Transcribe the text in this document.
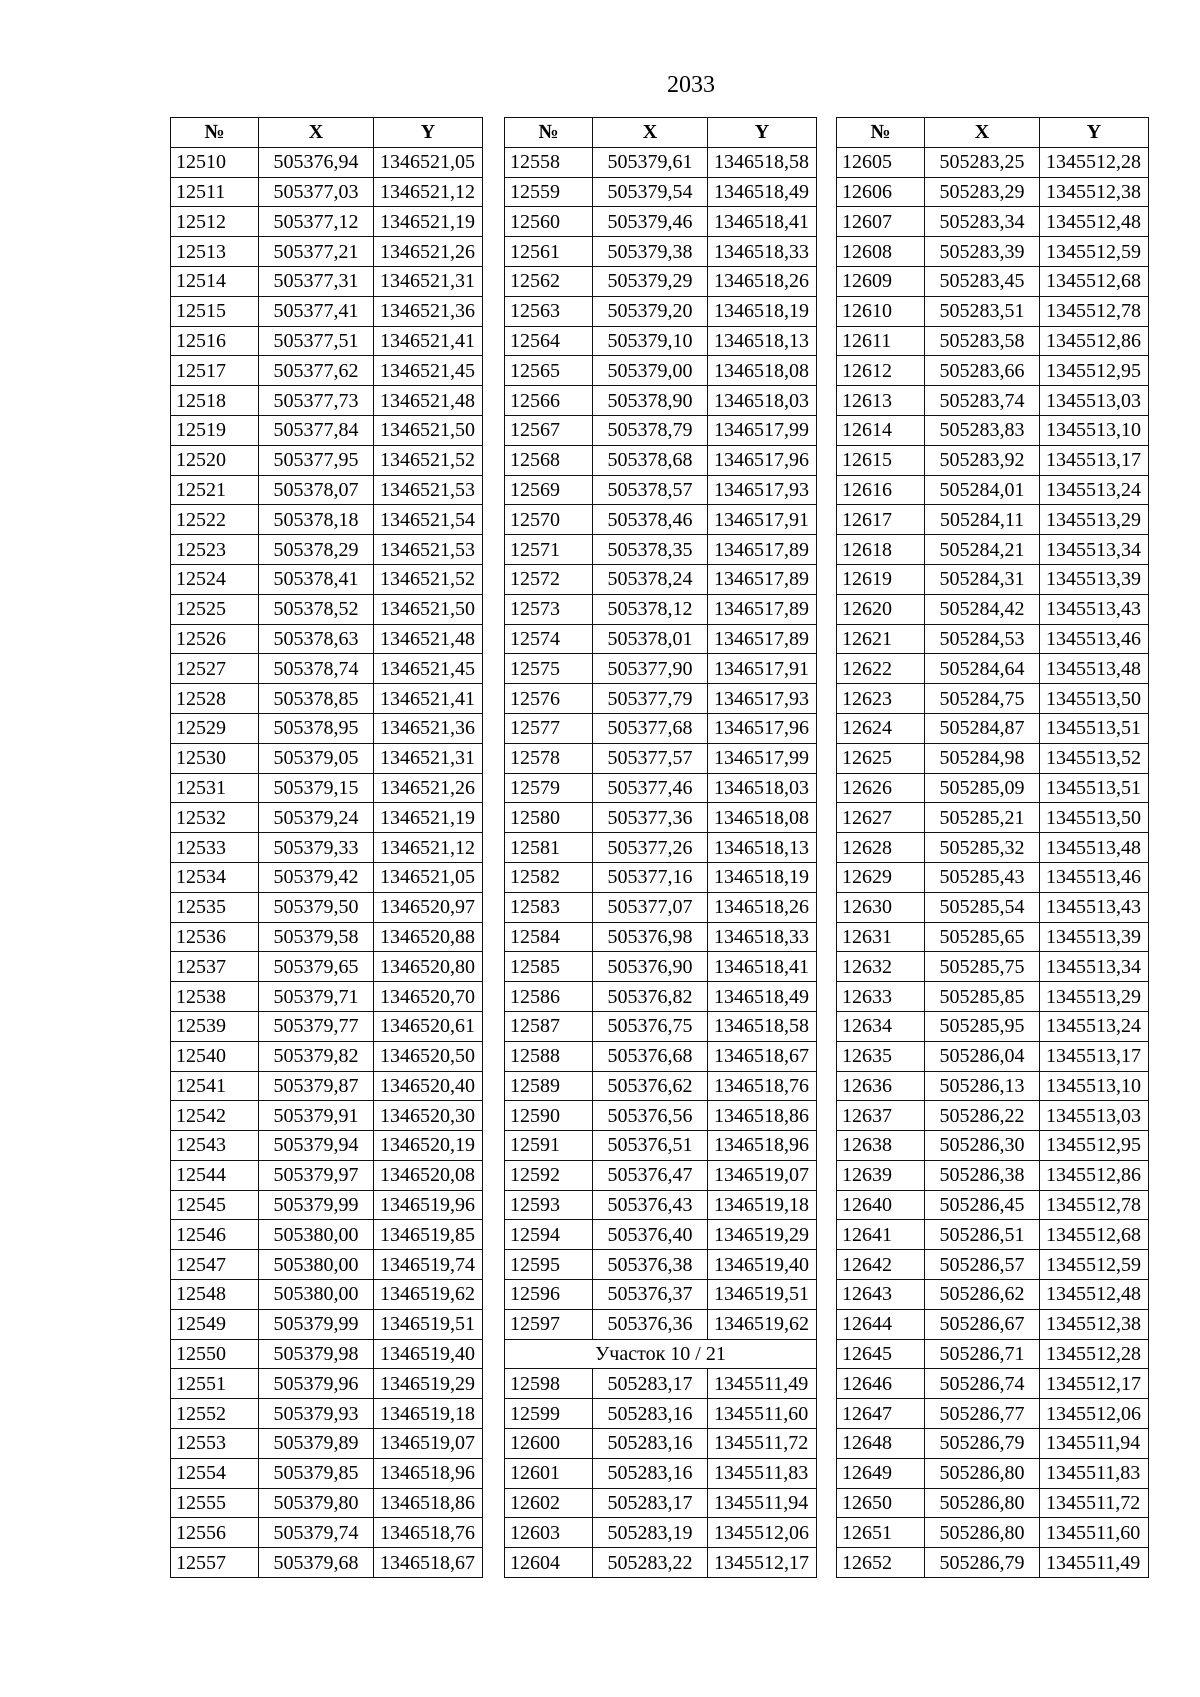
2033
№	X	Y
12510	505376,94	1346521,05
12511	505377,03	1346521,12
12512	505377,12	1346521,19
12513	505377,21	1346521,26
12514	505377,31	1346521,31
12515	505377,41	1346521,36
12516	505377,51	1346521,41
12517	505377,62	1346521,45
12518	505377,73	1346521,48
12519	505377,84	1346521,50
12520	505377,95	1346521,52
12521	505378,07	1346521,53
12522	505378,18	1346521,54
12523	505378,29	1346521,53
12524	505378,41	1346521,52
12525	505378,52	1346521,50
12526	505378,63	1346521,48
12527	505378,74	1346521,45
12528	505378,85	1346521,41
12529	505378,95	1346521,36
12530	505379,05	1346521,31
12531	505379,15	1346521,26
12532	505379,24	1346521,19
12533	505379,33	1346521,12
12534	505379,42	1346521,05
12535	505379,50	1346520,97
12536	505379,58	1346520,88
12537	505379,65	1346520,80
12538	505379,71	1346520,70
12539	505379,77	1346520,61
12540	505379,82	1346520,50
12541	505379,87	1346520,40
12542	505379,91	1346520,30
12543	505379,94	1346520,19
12544	505379,97	1346520,08
12545	505379,99	1346519,96
12546	505380,00	1346519,85
12547	505380,00	1346519,74
12548	505380,00	1346519,62
12549	505379,99	1346519,51
12550	505379,98	1346519,40
12551	505379,96	1346519,29
12552	505379,93	1346519,18
12553	505379,89	1346519,07
12554	505379,85	1346518,96
12555	505379,80	1346518,86
12556	505379,74	1346518,76
12557	505379,68	1346518,67
№	X	Y
12558	505379,61	1346518,58
12559	505379,54	1346518,49
12560	505379,46	1346518,41
12561	505379,38	1346518,33
12562	505379,29	1346518,26
12563	505379,20	1346518,19
12564	505379,10	1346518,13
12565	505379,00	1346518,08
12566	505378,90	1346518,03
12567	505378,79	1346517,99
12568	505378,68	1346517,96
12569	505378,57	1346517,93
12570	505378,46	1346517,91
12571	505378,35	1346517,89
12572	505378,24	1346517,89
12573	505378,12	1346517,89
12574	505378,01	1346517,89
12575	505377,90	1346517,91
12576	505377,79	1346517,93
12577	505377,68	1346517,96
12578	505377,57	1346517,99
12579	505377,46	1346518,03
12580	505377,36	1346518,08
12581	505377,26	1346518,13
12582	505377,16	1346518,19
12583	505377,07	1346518,26
12584	505376,98	1346518,33
12585	505376,90	1346518,41
12586	505376,82	1346518,49
12587	505376,75	1346518,58
12588	505376,68	1346518,67
12589	505376,62	1346518,76
12590	505376,56	1346518,86
12591	505376,51	1346518,96
12592	505376,47	1346519,07
12593	505376,43	1346519,18
12594	505376,40	1346519,29
12595	505376,38	1346519,40
12596	505376,37	1346519,51
12597	505376,36	1346519,62
Участок 10 / 21		
12598	505283,17	1345511,49
12599	505283,16	1345511,60
12600	505283,16	1345511,72
12601	505283,16	1345511,83
12602	505283,17	1345511,94
12603	505283,19	1345512,06
12604	505283,22	1345512,17
№	X	Y
12605	505283,25	1345512,28
12606	505283,29	1345512,38
12607	505283,34	1345512,48
12608	505283,39	1345512,59
12609	505283,45	1345512,68
12610	505283,51	1345512,78
12611	505283,58	1345512,86
12612	505283,66	1345512,95
12613	505283,74	1345513,03
12614	505283,83	1345513,10
12615	505283,92	1345513,17
12616	505284,01	1345513,24
12617	505284,11	1345513,29
12618	505284,21	1345513,34
12619	505284,31	1345513,39
12620	505284,42	1345513,43
12621	505284,53	1345513,46
12622	505284,64	1345513,48
12623	505284,75	1345513,50
12624	505284,87	1345513,51
12625	505284,98	1345513,52
12626	505285,09	1345513,51
12627	505285,21	1345513,50
12628	505285,32	1345513,48
12629	505285,43	1345513,46
12630	505285,54	1345513,43
12631	505285,65	1345513,39
12632	505285,75	1345513,34
12633	505285,85	1345513,29
12634	505285,95	1345513,24
12635	505286,04	1345513,17
12636	505286,13	1345513,10
12637	505286,22	1345513,03
12638	505286,30	1345512,95
12639	505286,38	1345512,86
12640	505286,45	1345512,78
12641	505286,51	1345512,68
12642	505286,57	1345512,59
12643	505286,62	1345512,48
12644	505286,67	1345512,38
12645	505286,71	1345512,28
12646	505286,74	1345512,17
12647	505286,77	1345512,06
12648	505286,79	1345511,94
12649	505286,80	1345511,83
12650	505286,80	1345511,72
12651	505286,80	1345511,60
12652	505286,79	1345511,49
